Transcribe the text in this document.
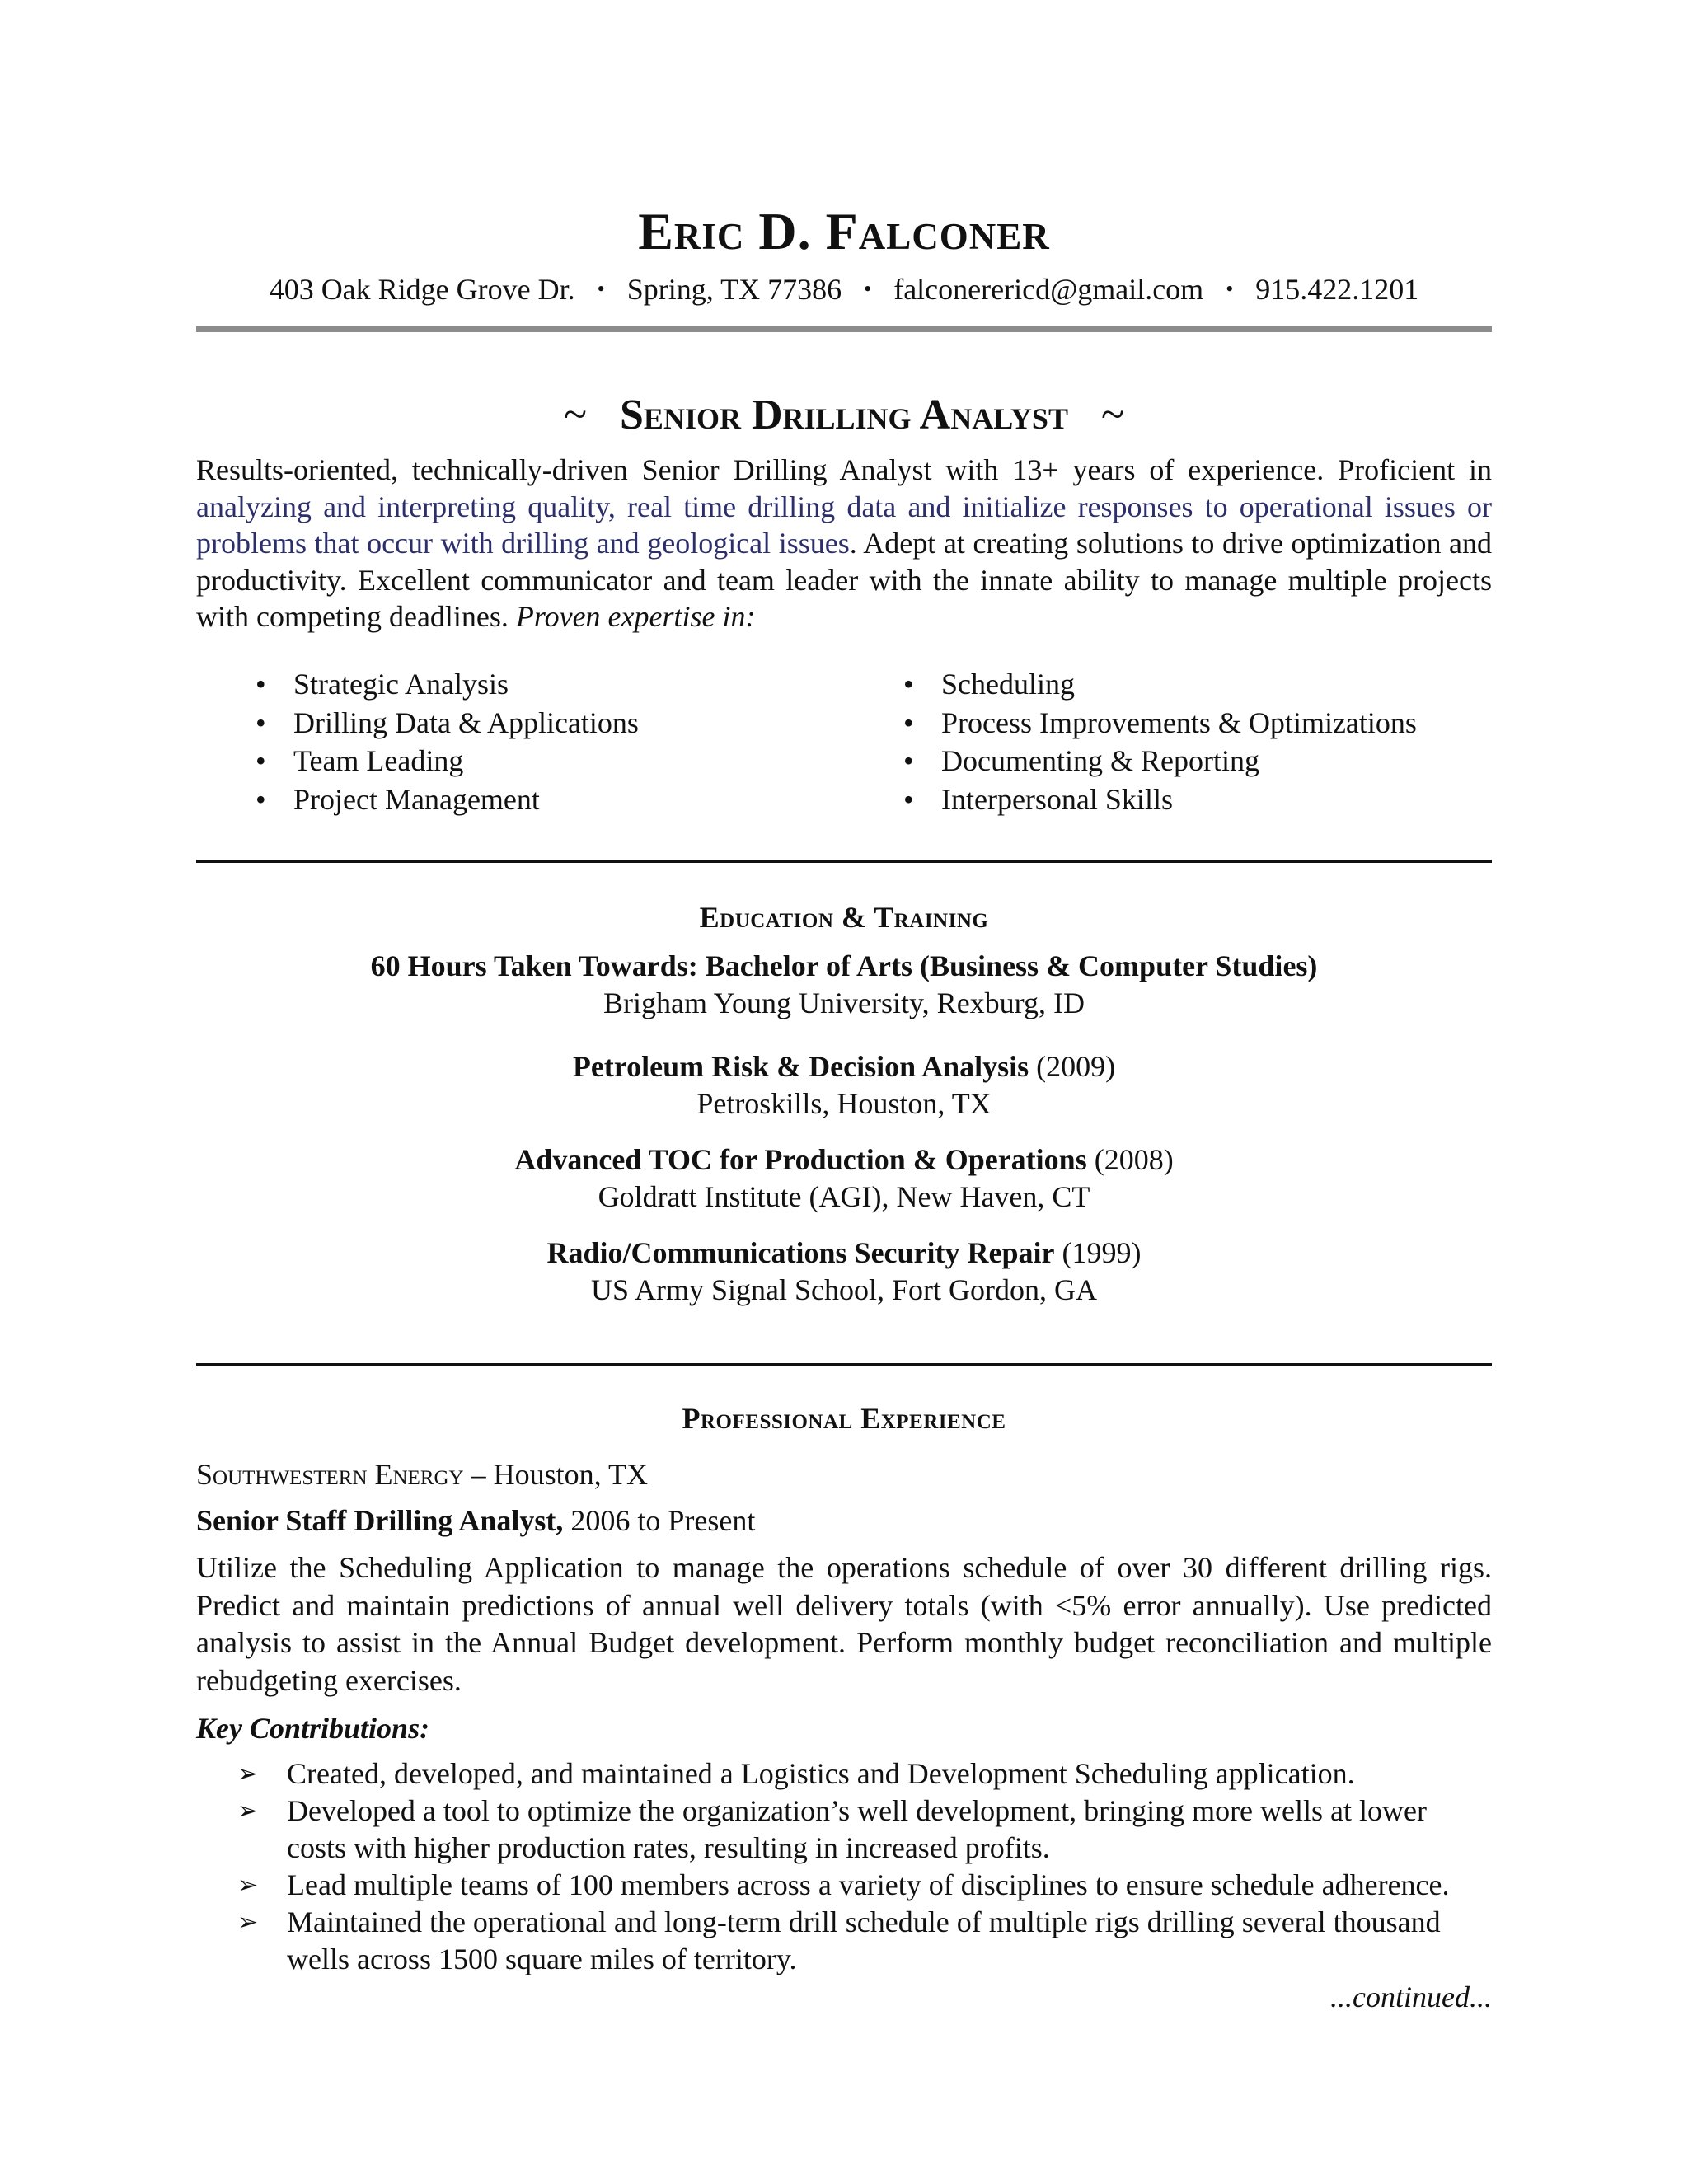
Eric D. Falconer
403 Oak Ridge Grove Dr. • Spring, TX 77386 • falconerericd@gmail.com • 915.422.1201
~ Senior Drilling Analyst ~
Results-oriented, technically-driven Senior Drilling Analyst with 13+ years of experience. Proficient in analyzing and interpreting quality, real time drilling data and initialize responses to operational issues or problems that occur with drilling and geological issues. Adept at creating solutions to drive optimization and productivity. Excellent communicator and team leader with the innate ability to manage multiple projects with competing deadlines. Proven expertise in:
• Strategic Analysis
• Drilling Data & Applications
• Team Leading
• Project Management
• Scheduling
• Process Improvements & Optimizations
• Documenting & Reporting
• Interpersonal Skills
Education & Training
60 Hours Taken Towards: Bachelor of Arts (Business & Computer Studies)
Brigham Young University, Rexburg, ID
Petroleum Risk & Decision Analysis (2009)
Petroskills, Houston, TX
Advanced TOC for Production & Operations (2008)
Goldratt Institute (AGI), New Haven, CT
Radio/Communications Security Repair (1999)
US Army Signal School, Fort Gordon, GA
Professional Experience
Southwestern Energy – Houston, TX
Senior Staff Drilling Analyst, 2006 to Present
Utilize the Scheduling Application to manage the operations schedule of over 30 different drilling rigs. Predict and maintain predictions of annual well delivery totals (with <5% error annually). Use predicted analysis to assist in the Annual Budget development. Perform monthly budget reconciliation and multiple rebudgeting exercises.
Key Contributions:
➢ Created, developed, and maintained a Logistics and Development Scheduling application.
➢ Developed a tool to optimize the organization’s well development, bringing more wells at lower costs with higher production rates, resulting in increased profits.
➢ Lead multiple teams of 100 members across a variety of disciplines to ensure schedule adherence.
➢ Maintained the operational and long-term drill schedule of multiple rigs drilling several thousand wells across 1500 square miles of territory.
...continued...
